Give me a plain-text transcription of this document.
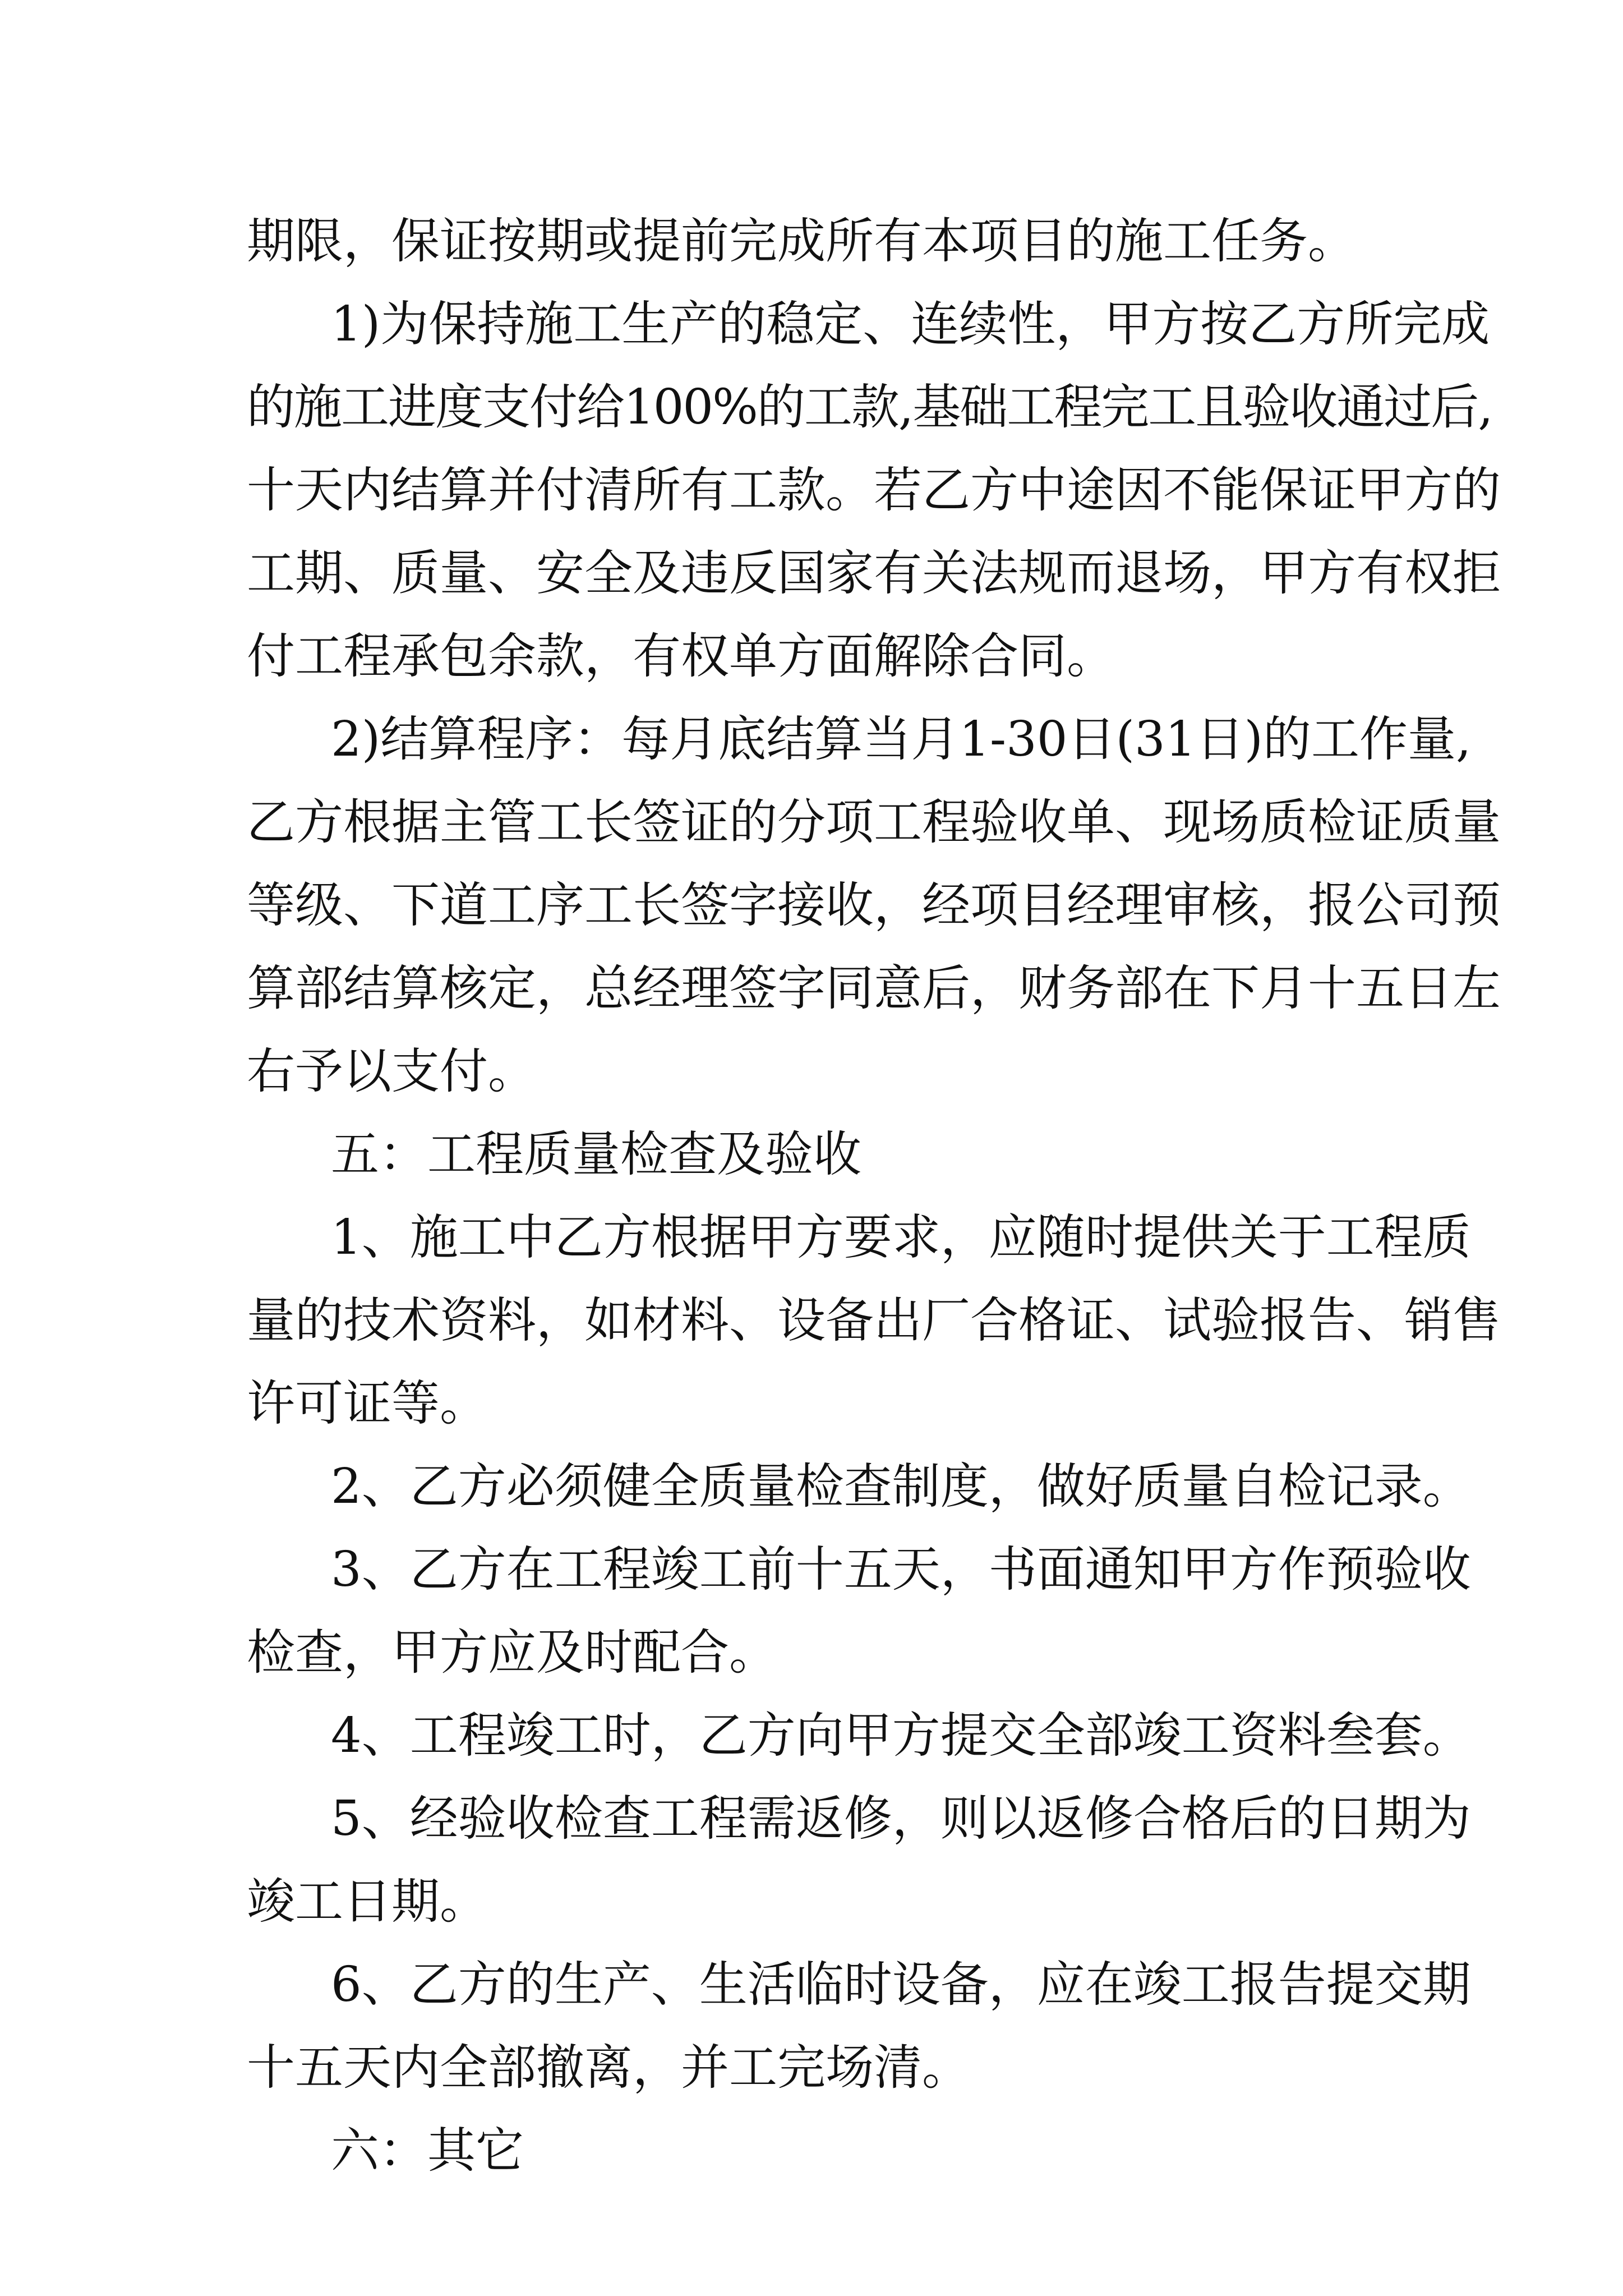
期限，保证按期或提前完成所有本项目的施工任务。

1)为保持施工生产的稳定、连续性，甲方按乙方所完成

的施工进度支付给100%的工款,基础工程完工且验收通过后,

十天内结算并付清所有工款。若乙方中途因不能保证甲方的

工期、质量、安全及违反国家有关法规而退场，甲方有权拒

付工程承包余款，有权单方面解除合同。

2)结算程序：每月底结算当月1-30日(31日)的工作量,

乙方根据主管工长签证的分项工程验收单、现场质检证质量

等级、下道工序工长签字接收，经项目经理审核，报公司预

算部结算核定，总经理签字同意后，财务部在下月十五日左

右予以支付。

五：工程质量检查及验收

1、施工中乙方根据甲方要求，应随时提供关于工程质

量的技术资料，如材料、设备出厂合格证、试验报告、销售

许可证等。

2、乙方必须健全质量检查制度，做好质量自检记录。

3、乙方在工程竣工前十五天，书面通知甲方作预验收

检查，甲方应及时配合。

4、工程竣工时，乙方向甲方提交全部竣工资料叁套。

5、经验收检查工程需返修，则以返修合格后的日期为

竣工日期。

6、乙方的生产、生活临时设备，应在竣工报告提交期

十五天内全部撤离，并工完场清。

六：其它
